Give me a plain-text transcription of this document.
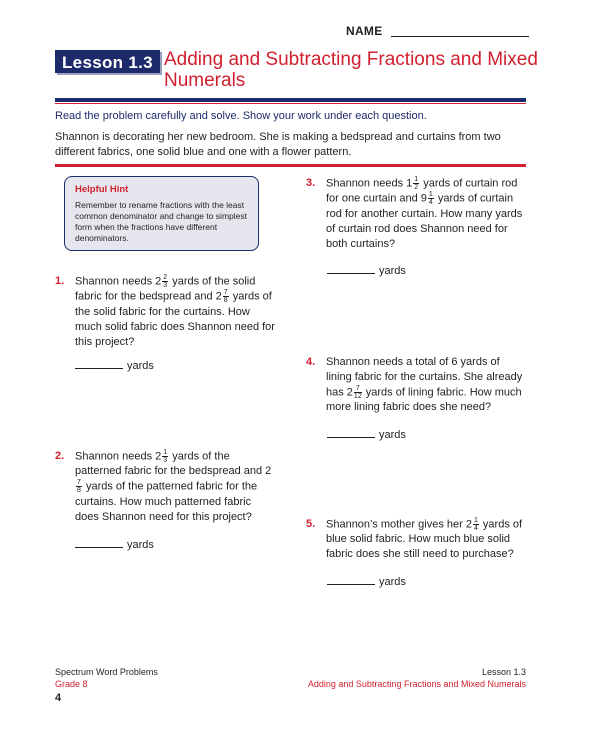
NAME
Lesson 1.3 Adding and Subtracting Fractions and Mixed Numerals
Read the problem carefully and solve. Show your work under each question.
Shannon is decorating her new bedroom. She is making a bedspread and curtains from two different fabrics, one solid blue and one with a flower pattern.
Helpful Hint
Remember to rename fractions with the least common denominator and change to simplest form when the fractions have different denominators.
1. Shannon needs $2 \frac{2}{3}$ yards of the solid fabric for the bedspread and $2 \frac{7}{8}$ yards of the solid fabric for the curtains. How much solid fabric does Shannon need for this project?
yards
2. Shannon needs $2 \frac{1}{3}$ yards of the patterned fabric for the bedspread and 2
$\frac{7}{8}$ yards of the patterned fabric for the curtains. How much patterned fabric does Shannon need for this project?
yards
3. Shannon needs $1 \frac{1}{2}$ yards of curtain rod for one curtain and $9 \frac{1}{4}$ yards of curtain rod for another curtain. How many yards of curtain rod does Shannon need for both curtains?
yards
4. Shannon needs a total of 6 yards of lining fabric for the curtains. She already has $2 \frac{7}{12}$ yards of lining fabric. How much more lining fabric does she need?
yards
5. Shannon’s mother gives her $2 \frac{1}{4}$ yards of blue solid fabric. How much blue solid fabric does she still need to purchase?
yards
Spectrum Word Problems
Grade 8
4
Lesson 1.3
Adding and Subtracting Fractions and Mixed Numerals
